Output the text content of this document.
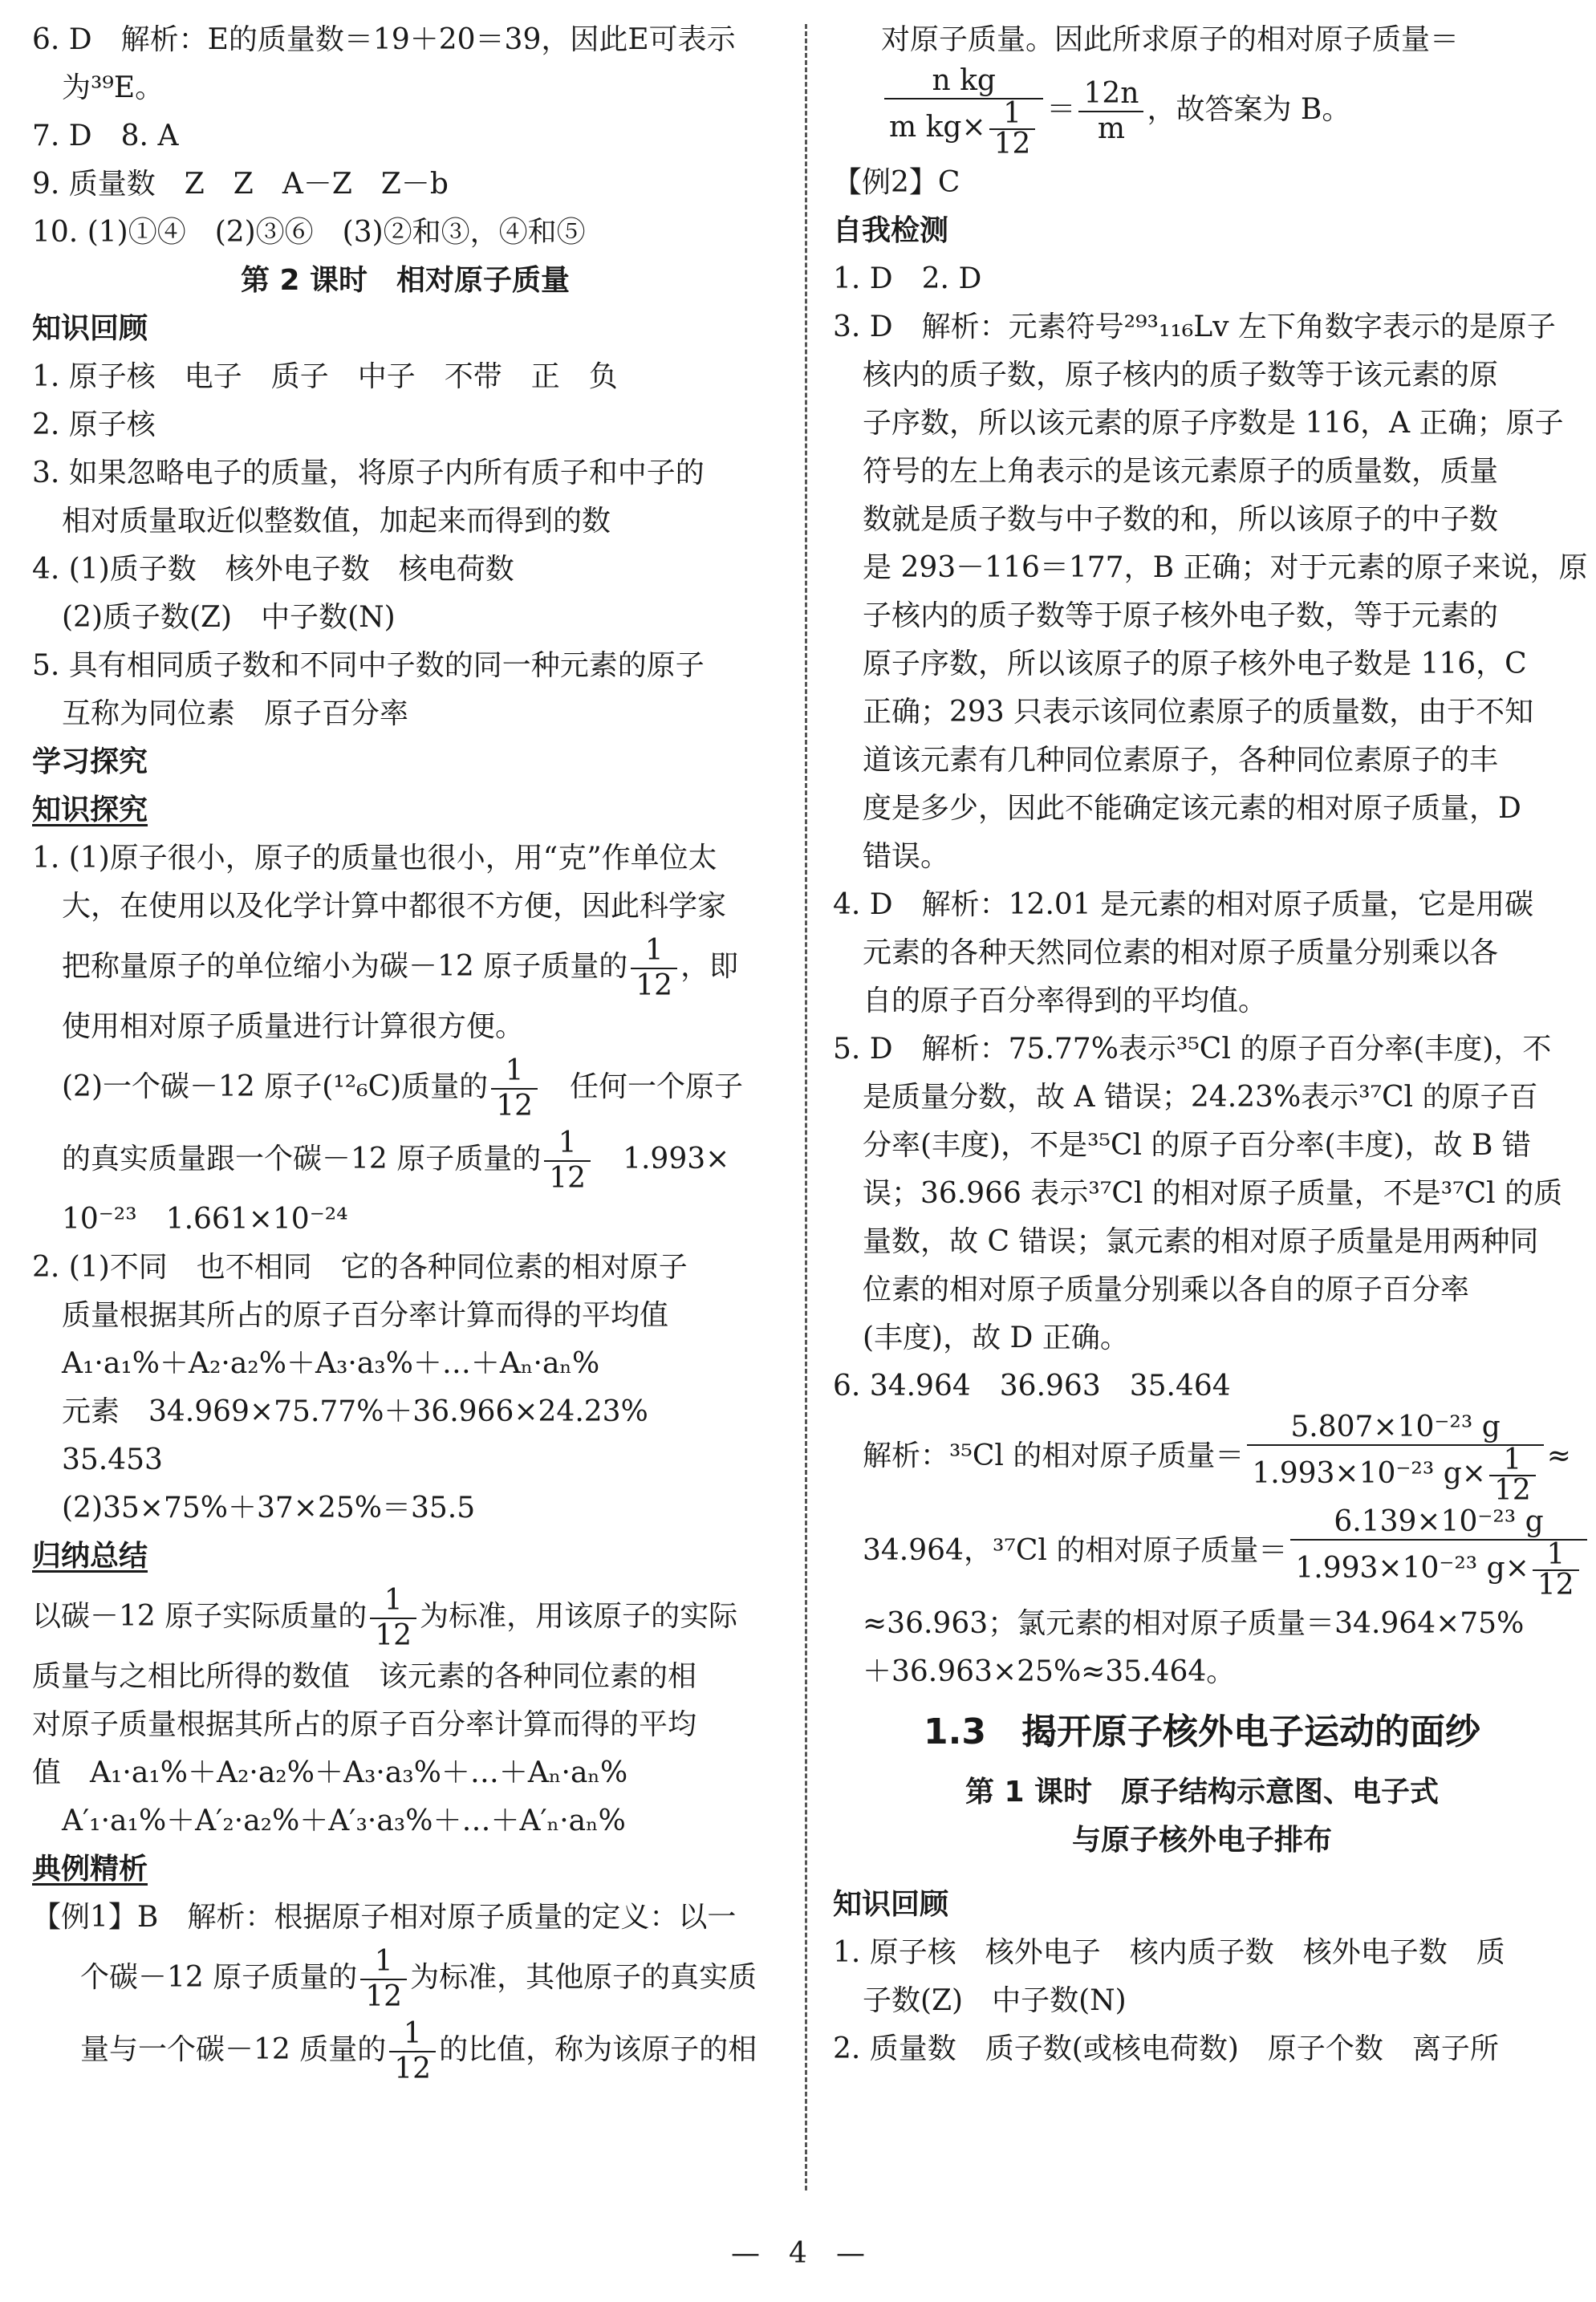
6. D　解析：E的质量数＝19＋20＝39，因此E可表示
为³⁹E。
7. D　8. A
9. 质量数　Z　Z　A－Z　Z－b
10. (1)①④　(2)③⑥　(3)②和③，④和⑤
第 2 课时　相对原子质量
知识回顾
1. 原子核　电子　质子　中子　不带　正　负
2. 原子核
3. 如果忽略电子的质量，将原子内所有质子和中子的
相对质量取近似整数值，加起来而得到的数
4. (1)质子数　核外电子数　核电荷数
(2)质子数(Z)　中子数(N)
5. 具有相同质子数和不同中子数的同一种元素的原子
互称为同位素　原子百分率
学习探究
知识探究
1. (1)原子很小，原子的质量也很小，用“克”作单位太
大，在使用以及化学计算中都很不方便，因此科学家
把称量原子的单位缩小为碳－12 原子质量的 $\frac{1}{12}$ ，即
使用相对原子质量进行计算很方便。
(2)一个碳－12 原子(¹²₆C)质量的 $\frac{1}{12}$ 　任何一个原子
的真实质量跟一个碳－12 原子质量的 $\frac{1}{12}$ 　1.993×
10⁻²³　1.661×10⁻²⁴
2. (1)不同　也不相同　它的各种同位素的相对原子
质量根据其所占的原子百分率计算而得的平均值
A₁·a₁%＋A₂·a₂%＋A₃·a₃%＋…＋Aₙ·aₙ%
元素　34.969×75.77%＋36.966×24.23%
35.453
(2)35×75%＋37×25%＝35.5
归纳总结
以碳－12 原子实际质量的 $\frac{1}{12}$ 为标准，用该原子的实际
质量与之相比所得的数值　该元素的各种同位素的相
对原子质量根据其所占的原子百分率计算而得的平均
值　A₁·a₁%＋A₂·a₂%＋A₃·a₃%＋…＋Aₙ·aₙ%
A′₁·a₁%＋A′₂·a₂%＋A′₃·a₃%＋…＋A′ₙ·aₙ%
典例精析
【例1】B　解析：根据原子相对原子质量的定义：以一
个碳－12 原子质量的 $\frac{1}{12}$ 为标准，其他原子的真实质
量与一个碳－12 质量的 $\frac{1}{12}$ 的比值，称为该原子的相
对原子质量。因此所求原子的相对原子质量＝
$\frac{\text{n kg}}{m kg\times \frac{1}{12}} = \frac{12n}{m}$ ，故答案为 B。
【例2】C
自我检测
1. D　2. D
3. D　解析：元素符号²⁹³₁₁₆Lv 左下角数字表示的是原子
核内的质子数，原子核内的质子数等于该元素的原
子序数，所以该元素的原子序数是 116，A 正确；原子
符号的左上角表示的是该元素原子的质量数，质量
数就是质子数与中子数的和，所以该原子的中子数
是 293－116＝177，B 正确；对于元素的原子来说，原
子核内的质子数等于原子核外电子数，等于元素的
原子序数，所以该原子的原子核外电子数是 116，C
正确；293 只表示该同位素原子的质量数，由于不知
道该元素有几种同位素原子，各种同位素原子的丰
度是多少，因此不能确定该元素的相对原子质量，D
错误。
4. D　解析：12.01 是元素的相对原子质量，它是用碳
元素的各种天然同位素的相对原子质量分别乘以各
自的原子百分率得到的平均值。
5. D　解析：75.77%表示³⁵Cl 的原子百分率(丰度)，不
是质量分数，故 A 错误；24.23%表示³⁷Cl 的原子百
分率(丰度)，不是³⁵Cl 的原子百分率(丰度)，故 B 错
误；36.966 表示³⁷Cl 的相对原子质量，不是³⁷Cl 的质
量数，故 C 错误；氯元素的相对原子质量是用两种同
位素的相对原子质量分别乘以各自的原子百分率
(丰度)，故 D 正确。
6. 34.964　36.963　35.464
解析：³⁵Cl 的相对原子质量＝ $\frac{\text{5.807×10⁻²³ g}}{1.993\times 10^{-23} g\times \frac{1}{12}}$ ≈
34.964，³⁷Cl 的相对原子质量＝ $\frac{\text{6.139×10⁻²³ g}}{1.993\times 10^{-23} g\times \frac{1}{12}}$
≈36.963；氯元素的相对原子质量＝34.964×75%
＋36.963×25%≈35.464。
1.3　揭开原子核外电子运动的面纱
第 1 课时　原子结构示意图、电子式
与原子核外电子排布
知识回顾
1. 原子核　核外电子　核内质子数　核外电子数　质
子数(Z)　中子数(N)
2. 质量数　质子数(或核电荷数)　原子个数　离子所
—　4　—
